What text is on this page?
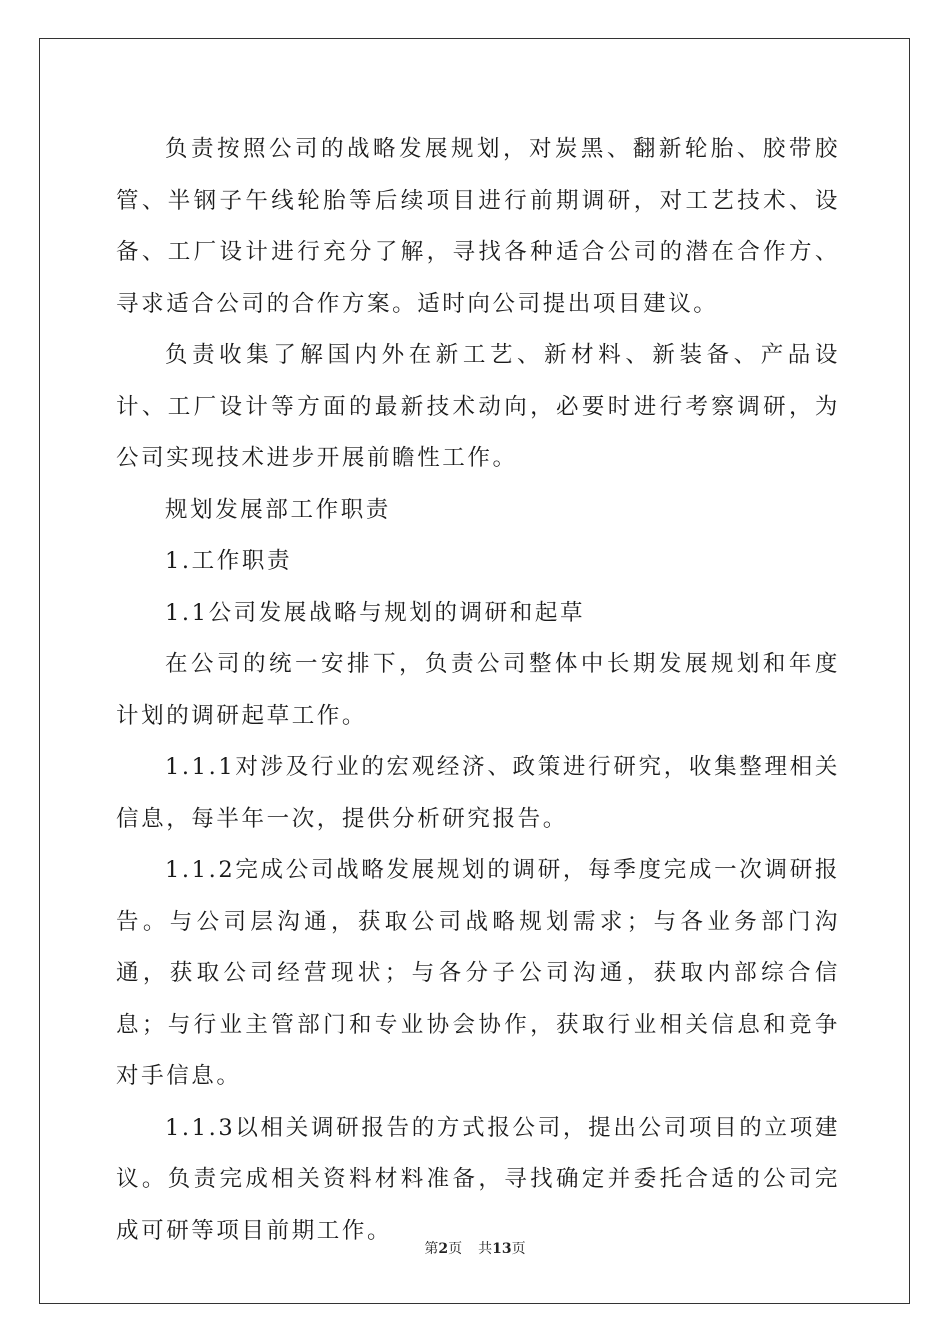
负责按照公司的战略发展规划，对炭黑、翻新轮胎、胶带胶管、半钢子午线轮胎等后续项目进行前期调研，对工艺技术、设备、工厂设计进行充分了解，寻找各种适合公司的潜在合作方、寻求适合公司的合作方案。适时向公司提出项目建议。

负责收集了解国内外在新工艺、新材料、新装备、产品设计、工厂设计等方面的最新技术动向，必要时进行考察调研，为公司实现技术进步开展前瞻性工作。

规划发展部工作职责

1.工作职责

1.1公司发展战略与规划的调研和起草

在公司的统一安排下，负责公司整体中长期发展规划和年度计划的调研起草工作。

1.1.1对涉及行业的宏观经济、政策进行研究，收集整理相关信息，每半年一次，提供分析研究报告。

1.1.2完成公司战略发展规划的调研，每季度完成一次调研报告。与公司层沟通，获取公司战略规划需求；与各业务部门沟通，获取公司经营现状；与各分子公司沟通，获取内部综合信息；与行业主管部门和专业协会协作，获取行业相关信息和竞争对手信息。

1.1.3以相关调研报告的方式报公司，提出公司项目的立项建议。负责完成相关资料材料准备，寻找确定并委托合适的公司完成可研等项目前期工作。

第2页 共13页
